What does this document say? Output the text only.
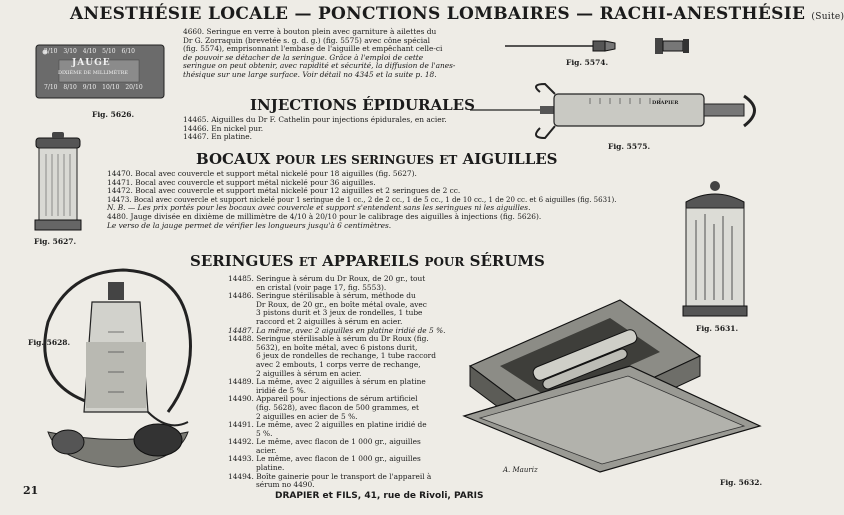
ANESTHÉSIE LOCALE — PONCTIONS LOMBAIRES — RACHI-ANESTHÉSIE (Suite)
JAUGE
DIXIÈME DE MILLIMÈTRE
2/10 3/10 4/10 5/10 6/10
7/10 8/10 9/10 10/10 20/10
Fig. 5626.
4660. Seringue en verre à bouton plein avec garniture à ailettes du
Dr G. Zorraquin (brevetée s. g. d. g.) (fig. 5575) avec cône spécial
(fig. 5574), emprisonnant l'embase de l'aiguille et empêchant celle-ci
de pouvoir se détacher de la seringue. Grâce à l'emploi de cette
seringue on peut obtenir, avec rapidité et sécurité, la diffusion de l'anes-
thésique sur une large surface. Voir détail no 4345 et la suite p. 18.
Fig. 5574.
DRAPIER
Fig. 5575.
INJECTIONS ÉPIDURALES
14465. Aiguilles du Dr F. Cathelin pour injections épidurales, en acier.
14466. En nickel pur.
14467. En platine.
Fig. 5627.
BOCAUX POUR LES SERINGUES ET AIGUILLES
14470. Bocal avec couvercle et support métal nickelé pour 18 aiguilles (fig. 5627).
14471. Bocal avec couvercle et support métal nickelé pour 36 aiguilles.
14472. Bocal avec couvercle et support métal nickelé pour 12 aiguilles et 2 seringues de 2 cc.
14473. Bocal avec couvercle et support nickelé pour 1 seringue de 1 cc., 2 de 2 cc., 1 de 5 cc., 1 de 10 cc., 1 de 20 cc. et 6 aiguilles (fig. 5631).
N. B. — Les prix portés pour les bocaux avec couvercle et support s'entendent sans les seringues ni les aiguilles.
4480. Jauge divisée en dixième de millimètre de 4/10 à 20/10 pour le calibrage des aiguilles à injections (fig. 5626).
Le verso de la jauge permet de vérifier les longueurs jusqu'à 6 centimètres.
Fig. 5631.
SERINGUES ET APPAREILS POUR SÉRUMS
Fig. 5628.
14485. Seringue à sérum du Dr Roux, de 20 gr., tout
en cristal (voir page 17, fig. 5553).
14486. Seringue stérilisable à sérum, méthode du
Dr Roux, de 20 gr., en boîte métal ovale, avec
3 pistons durit et 3 jeux de rondelles, 1 tube
raccord et 2 aiguilles à sérum en acier.
14487. La même, avec 2 aiguilles en platine iridié de 5 %.
14488. Seringue stérilisable à sérum du Dr Roux (fig.
5632), en boîte métal, avec 6 pistons durit,
6 jeux de rondelles de rechange, 1 tube raccord
avec 2 embouts, 1 corps verre de rechange,
2 aiguilles à sérum en acier.
14489. La même, avec 2 aiguilles à sérum en platine
iridié de 5 %.
14490. Appareil pour injections de sérum artificiel
(fig. 5628), avec flacon de 500 grammes, et
2 aiguilles en acier de 5 %.
14491. Le même, avec 2 aiguilles en platine iridié de
5 %.
14492. Le même, avec flacon de 1 000 gr., aiguilles
acier.
14493. Le même, avec flacon de 1 000 gr., aiguilles
platine.
14494. Boîte gainerie pour le transport de l'appareil à
sérum no 4490.
A. Mauriz
Fig. 5632.
21	DRAPIER et FILS, 41, rue de Rivoli, PARIS
